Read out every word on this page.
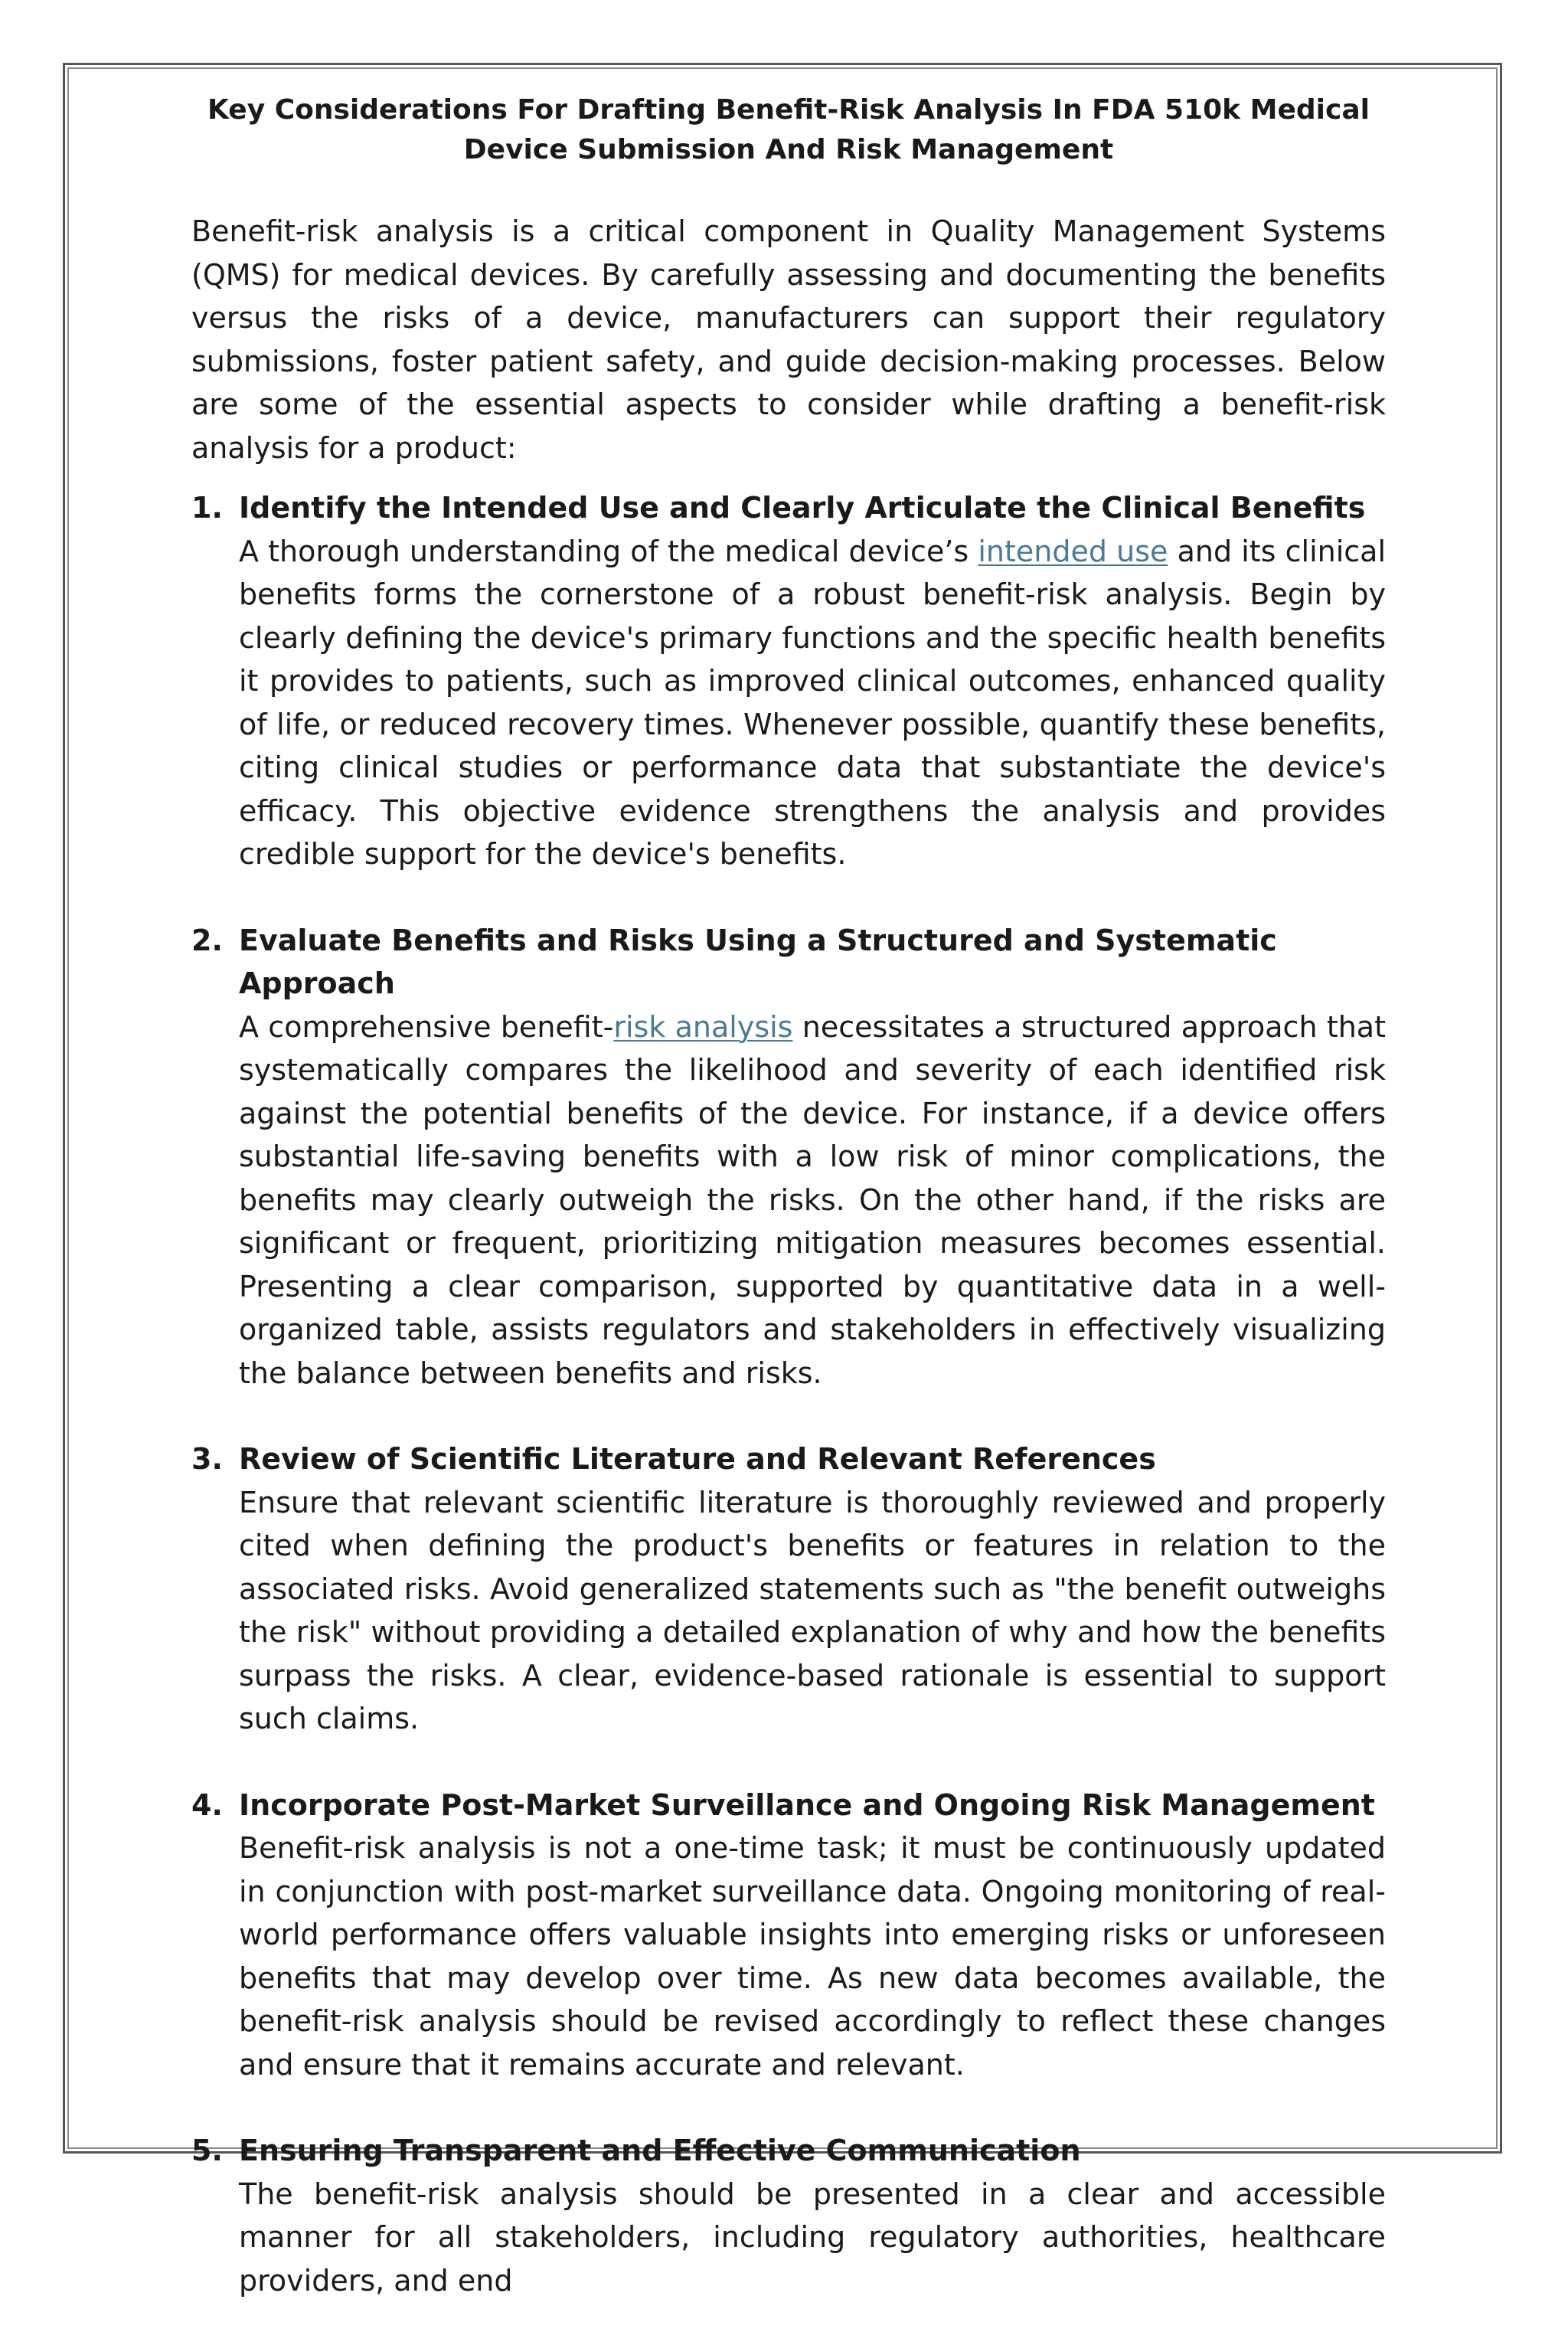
Key Considerations For Drafting Benefit-Risk Analysis In FDA 510k Medical Device Submission And Risk Management

Benefit-risk analysis is a critical component in Quality Management Systems (QMS) for medical devices. By carefully assessing and documenting the benefits versus the risks of a device, manufacturers can support their regulatory submissions, foster patient safety, and guide decision-making processes. Below are some of the essential aspects to consider while drafting a benefit-risk analysis for a product:

1. Identify the Intended Use and Clearly Articulate the Clinical Benefits

A thorough understanding of the medical device’s intended use and its clinical benefits forms the cornerstone of a robust benefit-risk analysis. Begin by clearly defining the device's primary functions and the specific health benefits it provides to patients, such as improved clinical outcomes, enhanced quality of life, or reduced recovery times. Whenever possible, quantify these benefits, citing clinical studies or performance data that substantiate the device's efficacy. This objective evidence strengthens the analysis and provides credible support for the device's benefits.

2. Evaluate Benefits and Risks Using a Structured and Systematic Approach

A comprehensive benefit-risk analysis necessitates a structured approach that systematically compares the likelihood and severity of each identified risk against the potential benefits of the device. For instance, if a device offers substantial life-saving benefits with a low risk of minor complications, the benefits may clearly outweigh the risks. On the other hand, if the risks are significant or frequent, prioritizing mitigation measures becomes essential. Presenting a clear comparison, supported by quantitative data in a well-organized table, assists regulators and stakeholders in effectively visualizing the balance between benefits and risks.

3. Review of Scientific Literature and Relevant References

Ensure that relevant scientific literature is thoroughly reviewed and properly cited when defining the product's benefits or features in relation to the associated risks. Avoid generalized statements such as "the benefit outweighs the risk" without providing a detailed explanation of why and how the benefits surpass the risks. A clear, evidence-based rationale is essential to support such claims.

4. Incorporate Post-Market Surveillance and Ongoing Risk Management

Benefit-risk analysis is not a one-time task; it must be continuously updated in conjunction with post-market surveillance data. Ongoing monitoring of real-world performance offers valuable insights into emerging risks or unforeseen benefits that may develop over time. As new data becomes available, the benefit-risk analysis should be revised accordingly to reflect these changes and ensure that it remains accurate and relevant.

5. Ensuring Transparent and Effective Communication

The benefit-risk analysis should be presented in a clear and accessible manner for all stakeholders, including regulatory authorities, healthcare providers, and end
